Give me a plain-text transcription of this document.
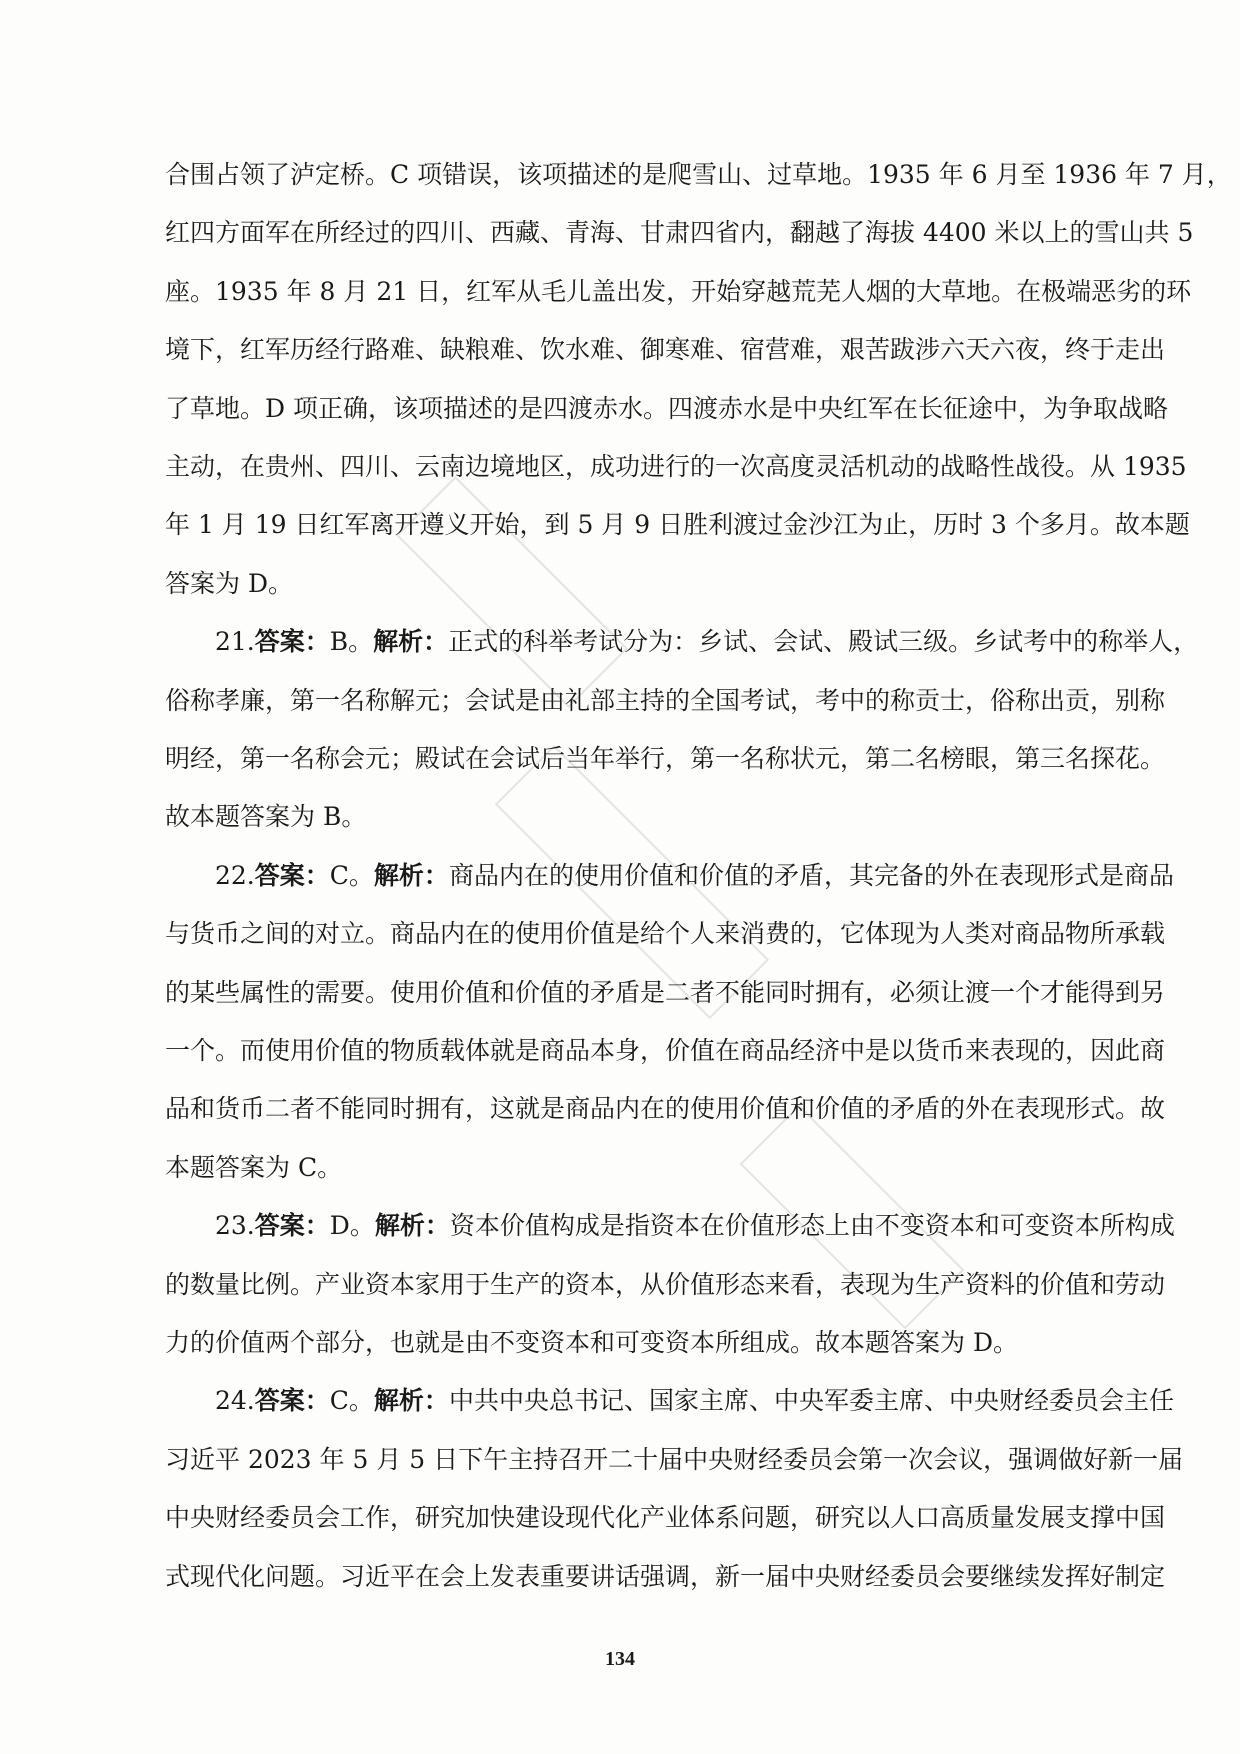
合围占领了泸定桥。C 项错误，该项描述的是爬雪山、过草地。1935 年 6 月至 1936 年 7 月，
红四方面军在所经过的四川、西藏、青海、甘肃四省内，翻越了海拔 4400 米以上的雪山共 5
座。1935 年 8 月 21 日，红军从毛儿盖出发，开始穿越荒芜人烟的大草地。在极端恶劣的环
境下，红军历经行路难、缺粮难、饮水难、御寒难、宿营难，艰苦跋涉六天六夜，终于走出
了草地。D 项正确，该项描述的是四渡赤水。四渡赤水是中央红军在长征途中，为争取战略
主动，在贵州、四川、云南边境地区，成功进行的一次高度灵活机动的战略性战役。从 1935
年 1 月 19 日红军离开遵义开始，到 5 月 9 日胜利渡过金沙江为止，历时 3 个多月。故本题
答案为 D。
21.答案：B。解析：正式的科举考试分为：乡试、会试、殿试三级。乡试考中的称举人，
俗称孝廉，第一名称解元；会试是由礼部主持的全国考试，考中的称贡士，俗称出贡，别称
明经，第一名称会元；殿试在会试后当年举行，第一名称状元，第二名榜眼，第三名探花。
故本题答案为 B。
22.答案：C。解析：商品内在的使用价值和价值的矛盾，其完备的外在表现形式是商品
与货币之间的对立。商品内在的使用价值是给个人来消费的，它体现为人类对商品物所承载
的某些属性的需要。使用价值和价值的矛盾是二者不能同时拥有，必须让渡一个才能得到另
一个。而使用价值的物质载体就是商品本身，价值在商品经济中是以货币来表现的，因此商
品和货币二者不能同时拥有，这就是商品内在的使用价值和价值的矛盾的外在表现形式。故
本题答案为 C。
23.答案：D。解析：资本价值构成是指资本在价值形态上由不变资本和可变资本所构成
的数量比例。产业资本家用于生产的资本，从价值形态来看，表现为生产资料的价值和劳动
力的价值两个部分，也就是由不变资本和可变资本所组成。故本题答案为 D。
24.答案：C。解析：中共中央总书记、国家主席、中央军委主席、中央财经委员会主任
习近平 2023 年 5 月 5 日下午主持召开二十届中央财经委员会第一次会议，强调做好新一届
中央财经委员会工作，研究加快建设现代化产业体系问题，研究以人口高质量发展支撑中国
式现代化问题。习近平在会上发表重要讲话强调，新一届中央财经委员会要继续发挥好制定
134
